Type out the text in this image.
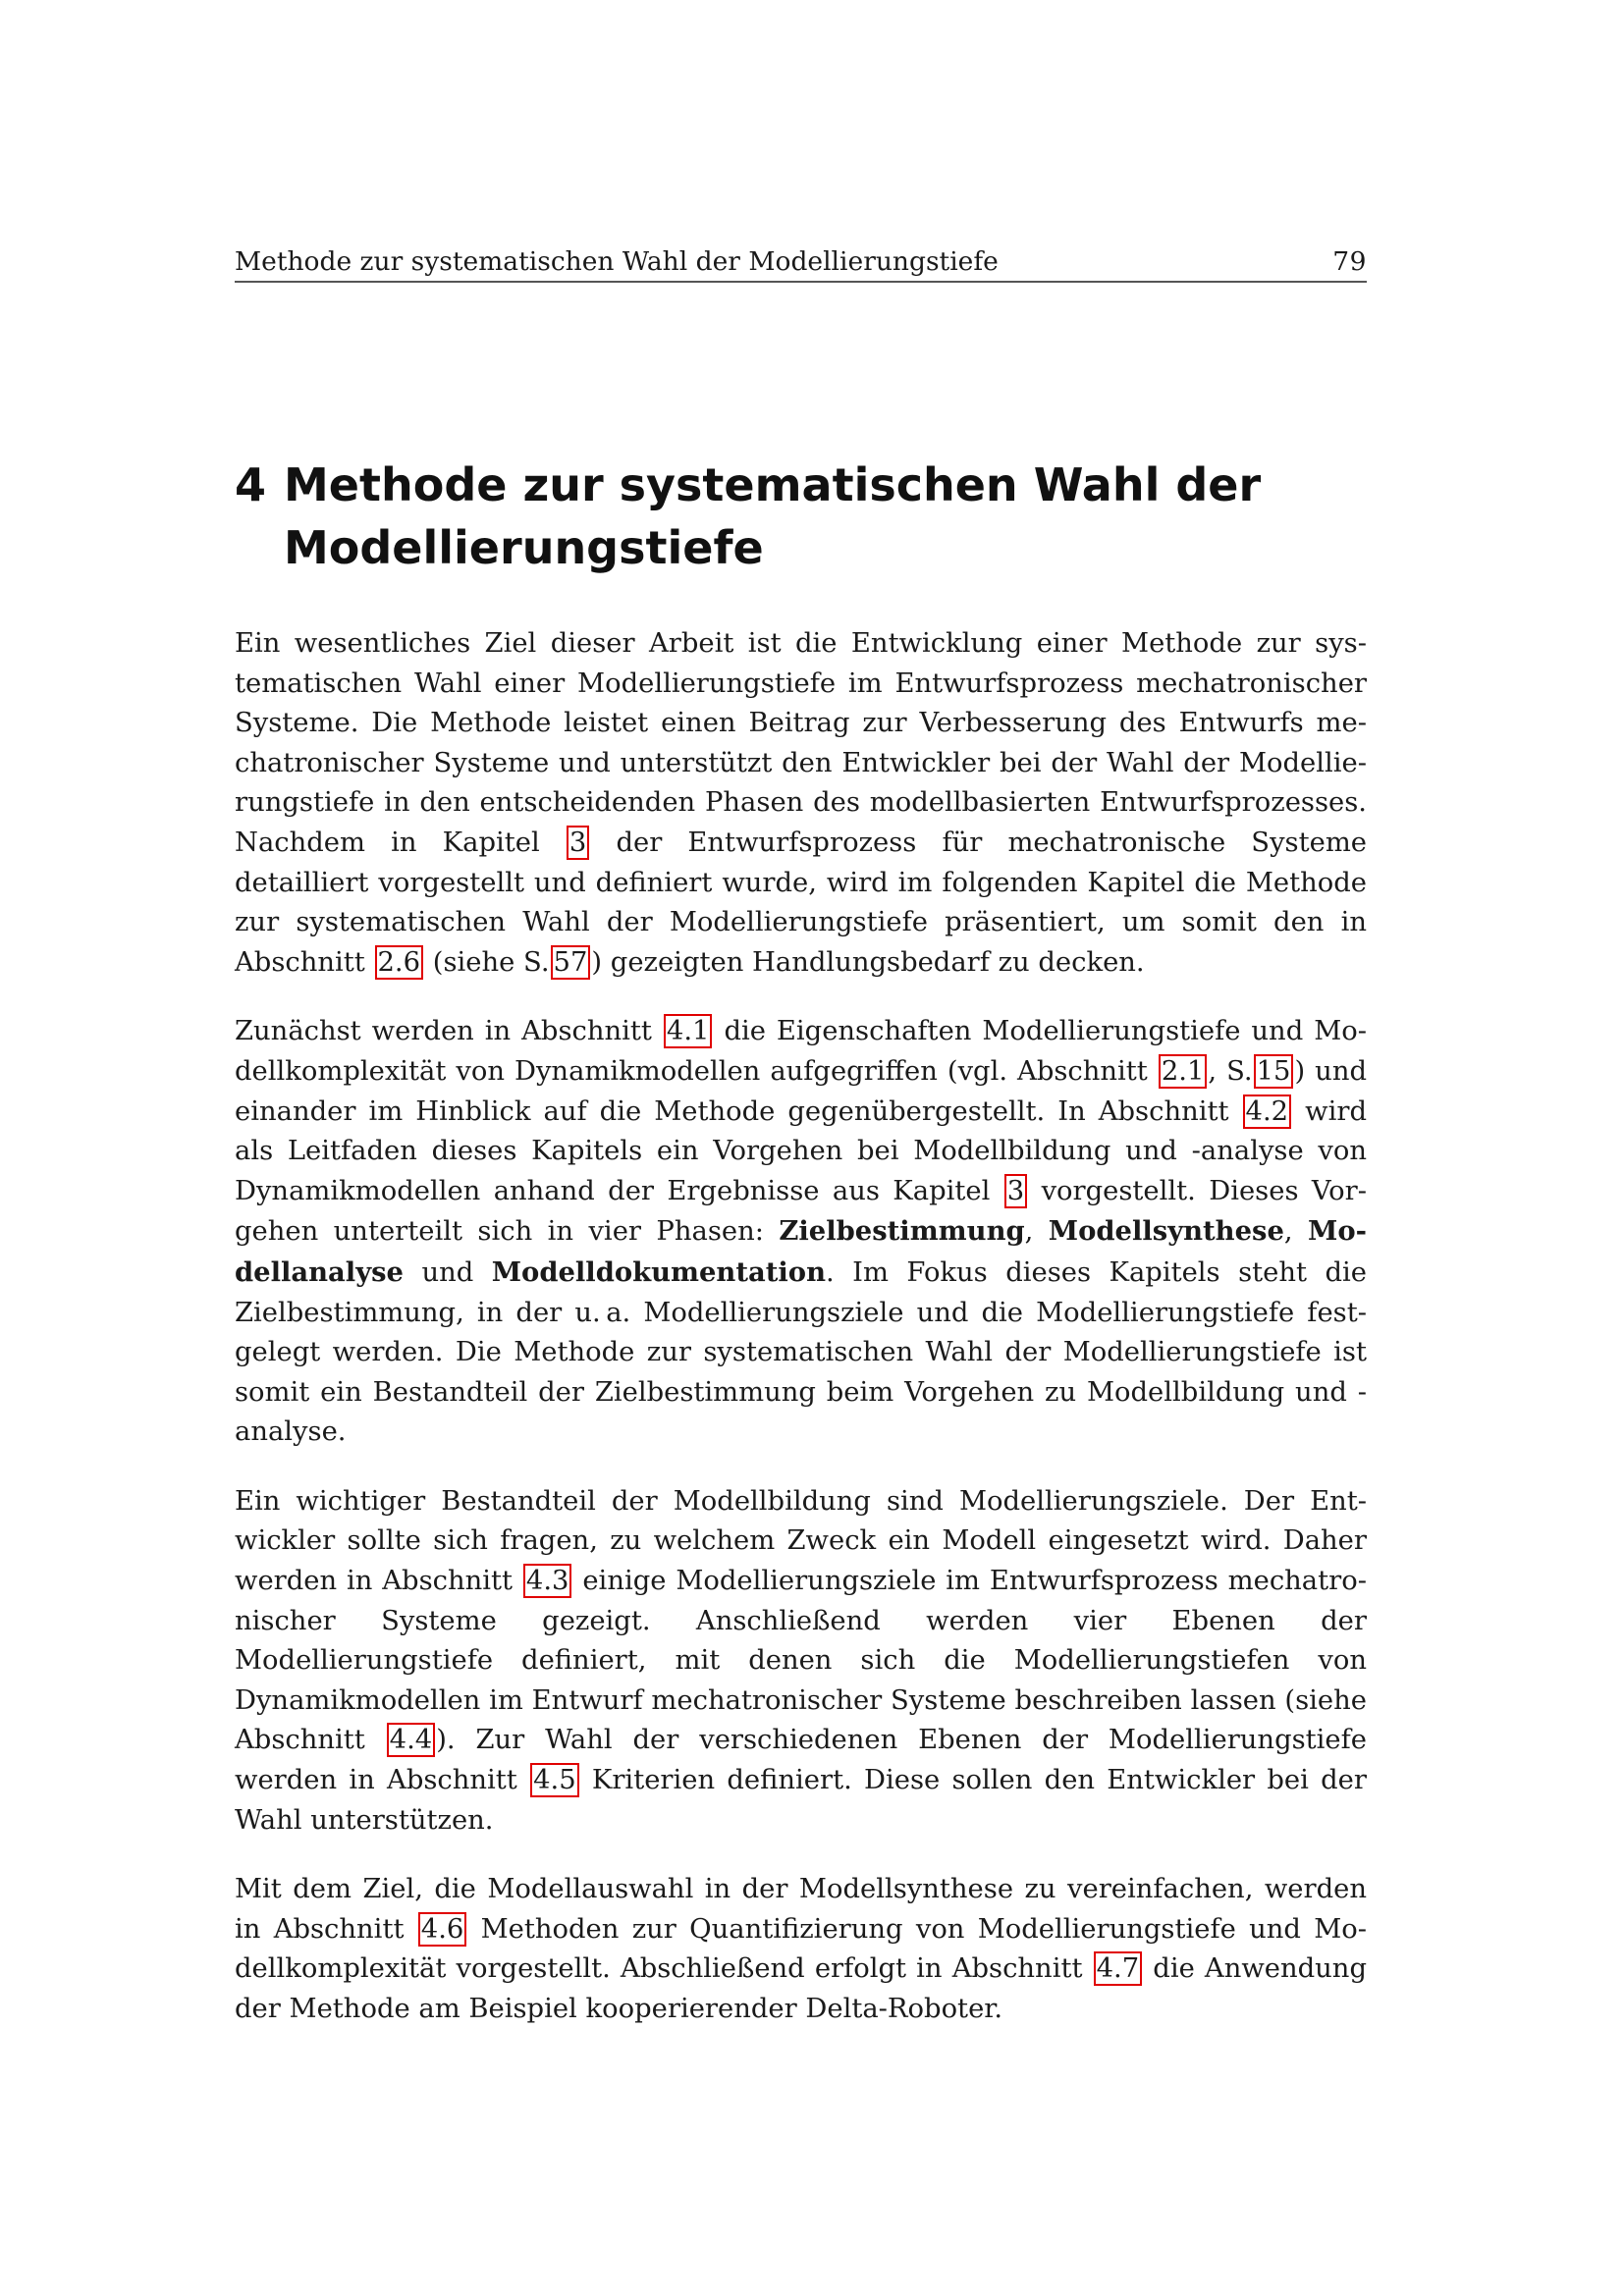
Methode zur systematischen Wahl der Modellierungstiefe	79
4 Methode zur systematischen Wahl der
Modellierungstiefe

Ein wesentliches Ziel dieser Arbeit ist die Entwicklung einer Methode zur systematischen Wahl einer Modellierungstiefe im Entwurfsprozess mechatronischer Systeme. Die Methode leistet einen Beitrag zur Verbesserung des Entwurfs mechatronischer Systeme und unterstützt den Entwickler bei der Wahl der Modellierungstiefe in den entscheidenden Phasen des modellbasierten Entwurfsprozesses. Nachdem in Kapitel 3 der Entwurfsprozess für mechatronische Systeme detailliert vorgestellt und definiert wurde, wird im folgenden Kapitel die Methode zur systematischen Wahl der Modellierungstiefe präsentiert, um somit den in Abschnitt 2.6 (siehe S. 57 ) gezeigten Handlungsbedarf zu decken.

Zunächst werden in Abschnitt 4.1 die Eigenschaften Modellierungstiefe und Modellkomplexität von Dynamikmodellen aufgegriffen (vgl. Abschnitt 2.1 , S. 15 ) und einander im Hinblick auf die Methode gegenübergestellt. In Abschnitt 4.2 wird als Leitfaden dieses Kapitels ein Vorgehen bei Modellbildung und -analyse von Dynamikmodellen anhand der Ergebnisse aus Kapitel 3 vorgestellt. Dieses Vorgehen unterteilt sich in vier Phasen: Zielbestimmung, Modellsynthese, Modellanalyse und Modelldokumentation. Im Fokus dieses Kapitels steht die Zielbestimmung, in der u. a. Modellierungsziele und die Modellierungstiefe festgelegt werden. Die Methode zur systematischen Wahl der Modellierungstiefe ist somit ein Bestandteil der Zielbestimmung beim Vorgehen zu Modellbildung und -analyse.

Ein wichtiger Bestandteil der Modellbildung sind Modellierungsziele. Der Entwickler sollte sich fragen, zu welchem Zweck ein Modell eingesetzt wird. Daher werden in Abschnitt 4.3 einige Modellierungsziele im Entwurfsprozess mechatronischer Systeme gezeigt. Anschließend werden vier Ebenen der Modellierungstiefe definiert, mit denen sich die Modellierungstiefen von Dynamikmodellen im Entwurf mechatronischer Systeme beschreiben lassen (siehe Abschnitt 4.4 ). Zur Wahl der verschiedenen Ebenen der Modellierungstiefe werden in Abschnitt 4.5 Kriterien definiert. Diese sollen den Entwickler bei der Wahl unterstützen.

Mit dem Ziel, die Modellauswahl in der Modellsynthese zu vereinfachen, werden in Abschnitt 4.6 Methoden zur Quantifizierung von Modellierungstiefe und Modellkomplexität vorgestellt. Abschließend erfolgt in Abschnitt 4.7 die Anwendung der Methode am Beispiel kooperierender Delta-Roboter.
